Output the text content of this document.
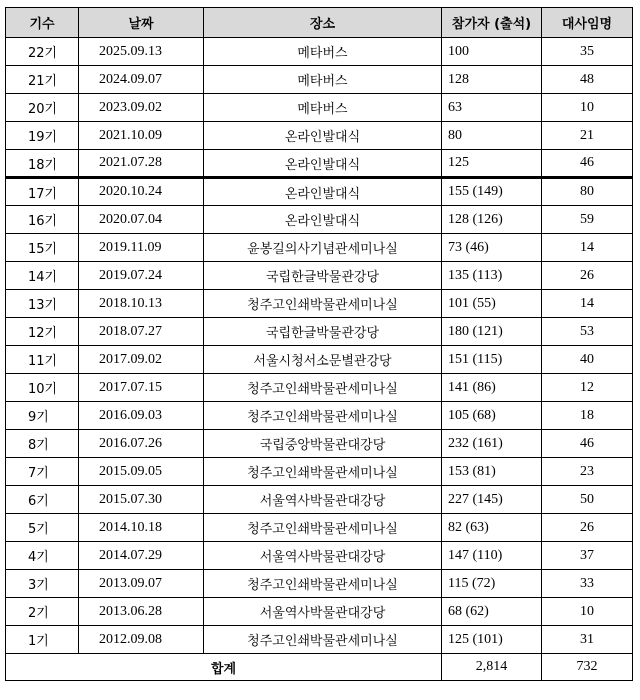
기수	날짜	장소	참가자 (출석)	대사임명
22기	2025.09.13	메타버스	100	35
21기	2024.09.07	메타버스	128	48
20기	2023.09.02	메타버스	63	10
19기	2021.10.09	온라인발대식	80	21
18기	2021.07.28	온라인발대식	125	46
17기	2020.10.24	온라인발대식	155 (149)	80
16기	2020.07.04	온라인발대식	128 (126)	59
15기	2019.11.09	윤봉길의사기념관세미나실	73 (46)	14
14기	2019.07.24	국립한글박물관강당	135 (113)	26
13기	2018.10.13	청주고인쇄박물관세미나실	101 (55)	14
12기	2018.07.27	국립한글박물관강당	180 (121)	53
11기	2017.09.02	서울시청서소문별관강당	151 (115)	40
10기	2017.07.15	청주고인쇄박물관세미나실	141 (86)	12
9기	2016.09.03	청주고인쇄박물관세미나실	105 (68)	18
8기	2016.07.26	국립중앙박물관대강당	232 (161)	46
7기	2015.09.05	청주고인쇄박물관세미나실	153 (81)	23
6기	2015.07.30	서울역사박물관대강당	227 (145)	50
5기	2014.10.18	청주고인쇄박물관세미나실	82 (63)	26
4기	2014.07.29	서울역사박물관대강당	147 (110)	37
3기	2013.09.07	청주고인쇄박물관세미나실	115 (72)	33
2기	2013.06.28	서울역사박물관대강당	68 (62)	10
1기	2012.09.08	청주고인쇄박물관세미나실	125 (101)	31
합계			2,814	732
